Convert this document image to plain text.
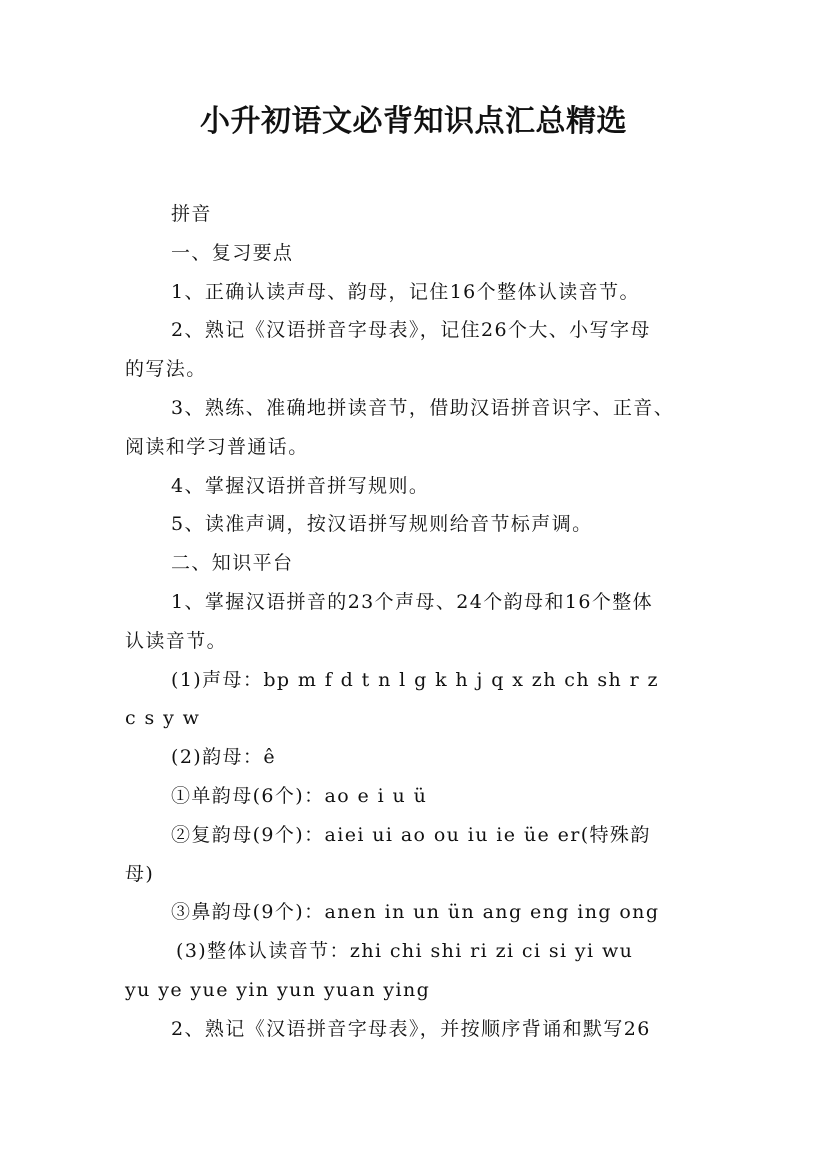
小升初语文必背知识点汇总精选

拼音

一、复习要点

1、正确认读声母、韵母，记住16个整体认读音节。

2、熟记《汉语拼音字母表》，记住26个大、小写字母
的写法。

3、熟练、准确地拼读音节，借助汉语拼音识字、正音、
阅读和学习普通话。

4、掌握汉语拼音拼写规则。

5、读准声调，按汉语拼写规则给音节标声调。

二、知识平台

1、掌握汉语拼音的23个声母、24个韵母和16个整体
认读音节。

(1)声母：bp m f d t n l g k h j q x zh ch sh r z
c s y w

(2)韵母：ê

①单韵母(6个)：ao e i u ü

②复韵母(9个)：aiei ui ao ou iu ie üe er(特殊韵
母)

③鼻韵母(9个)：anen in un ün ang eng ing ong

(3)整体认读音节：zhi chi shi ri zi ci si yi wu
yu ye yue yin yun yuan ying

2、熟记《汉语拼音字母表》，并按顺序背诵和默写26
